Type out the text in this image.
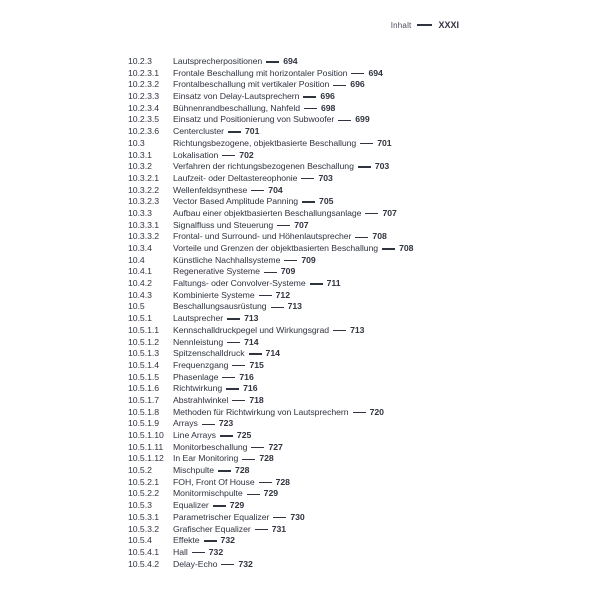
Inhalt	XXXI
10.2.3	Lautsprecherpositionen 694
10.2.3.1	Frontale Beschallung mit horizontaler Position 694
10.2.3.2	Frontalbeschallung mit vertikaler Position 696
10.2.3.3	Einsatz von Delay-Lautsprechern 696
10.2.3.4	Bühnenrandbeschallung, Nahfeld 698
10.2.3.5	Einsatz und Positionierung von Subwoofer 699
10.2.3.6	Centercluster 701
10.3	Richtungsbezogene, objektbasierte Beschallung 701
10.3.1	Lokalisation 702
10.3.2	Verfahren der richtungsbezogenen Beschallung 703
10.3.2.1	Laufzeit- oder Deltastereophonie 703
10.3.2.2	Wellenfeldsynthese 704
10.3.2.3	Vector Based Amplitude Panning 705
10.3.3	Aufbau einer objektbasierten Beschallungsanlage 707
10.3.3.1	Signalfluss und Steuerung 707
10.3.3.2	Frontal- und Surround- und Höhenlautsprecher 708
10.3.4	Vorteile und Grenzen der objektbasierten Beschallung 708
10.4	Künstliche Nachhallsysteme 709
10.4.1	Regenerative Systeme 709
10.4.2	Faltungs- oder Convolver-Systeme 711
10.4.3	Kombinierte Systeme 712
10.5	Beschallungsausrüstung 713
10.5.1	Lautsprecher 713
10.5.1.1	Kennschalldruckpegel und Wirkungsgrad 713
10.5.1.2	Nennleistung 714
10.5.1.3	Spitzenschalldruck 714
10.5.1.4	Frequenzgang 715
10.5.1.5	Phasenlage 716
10.5.1.6	Richtwirkung 716
10.5.1.7	Abstrahlwinkel 718
10.5.1.8	Methoden für Richtwirkung von Lautsprechern 720
10.5.1.9	Arrays 723
10.5.1.10	Line Arrays 725
10.5.1.11	Monitorbeschallung 727
10.5.1.12	In Ear Monitoring 728
10.5.2	Mischpulte 728
10.5.2.1	FOH, Front Of House 728
10.5.2.2	Monitormischpulte 729
10.5.3	Equalizer 729
10.5.3.1	Parametrischer Equalizer 730
10.5.3.2	Grafischer Equalizer 731
10.5.4	Effekte 732
10.5.4.1	Hall 732
10.5.4.2	Delay-Echo 732
